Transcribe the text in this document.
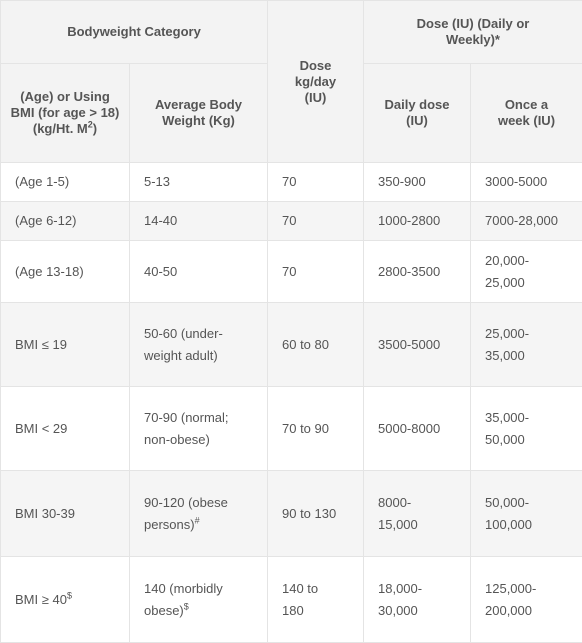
Bodyweight Category		Dose kg/day (IU)	Dose (IU) (Daily or Weekly)*	

(Age) or Using BMI (for age > 18) (kg/Ht. $M^2$)	Average Body Weight (Kg)		Daily dose (IU)	Once a week (IU)

(Age 1-5)	5-13	70	350-900	3000-5000
(Age 6-12)	14-40	70	1000-2800	7000-28,000
(Age 13-18)	40-50	70	2800-3500	20,000-25,000
BMI ≤ 19	50-60 (under-weight adult)	60 to 80	3500-5000	25,000-35,000
BMI < 29	70-90 (normal; non-obese)	70 to 90	5000-8000	35,000-50,000
BMI 30-39	90-120 (obese persons)#	90 to 130	8000-15,000	50,000-100,000
BMI ≥ 40$	140 (morbidly obese)$	140 to 180	18,000-30,000	125,000-200,000
